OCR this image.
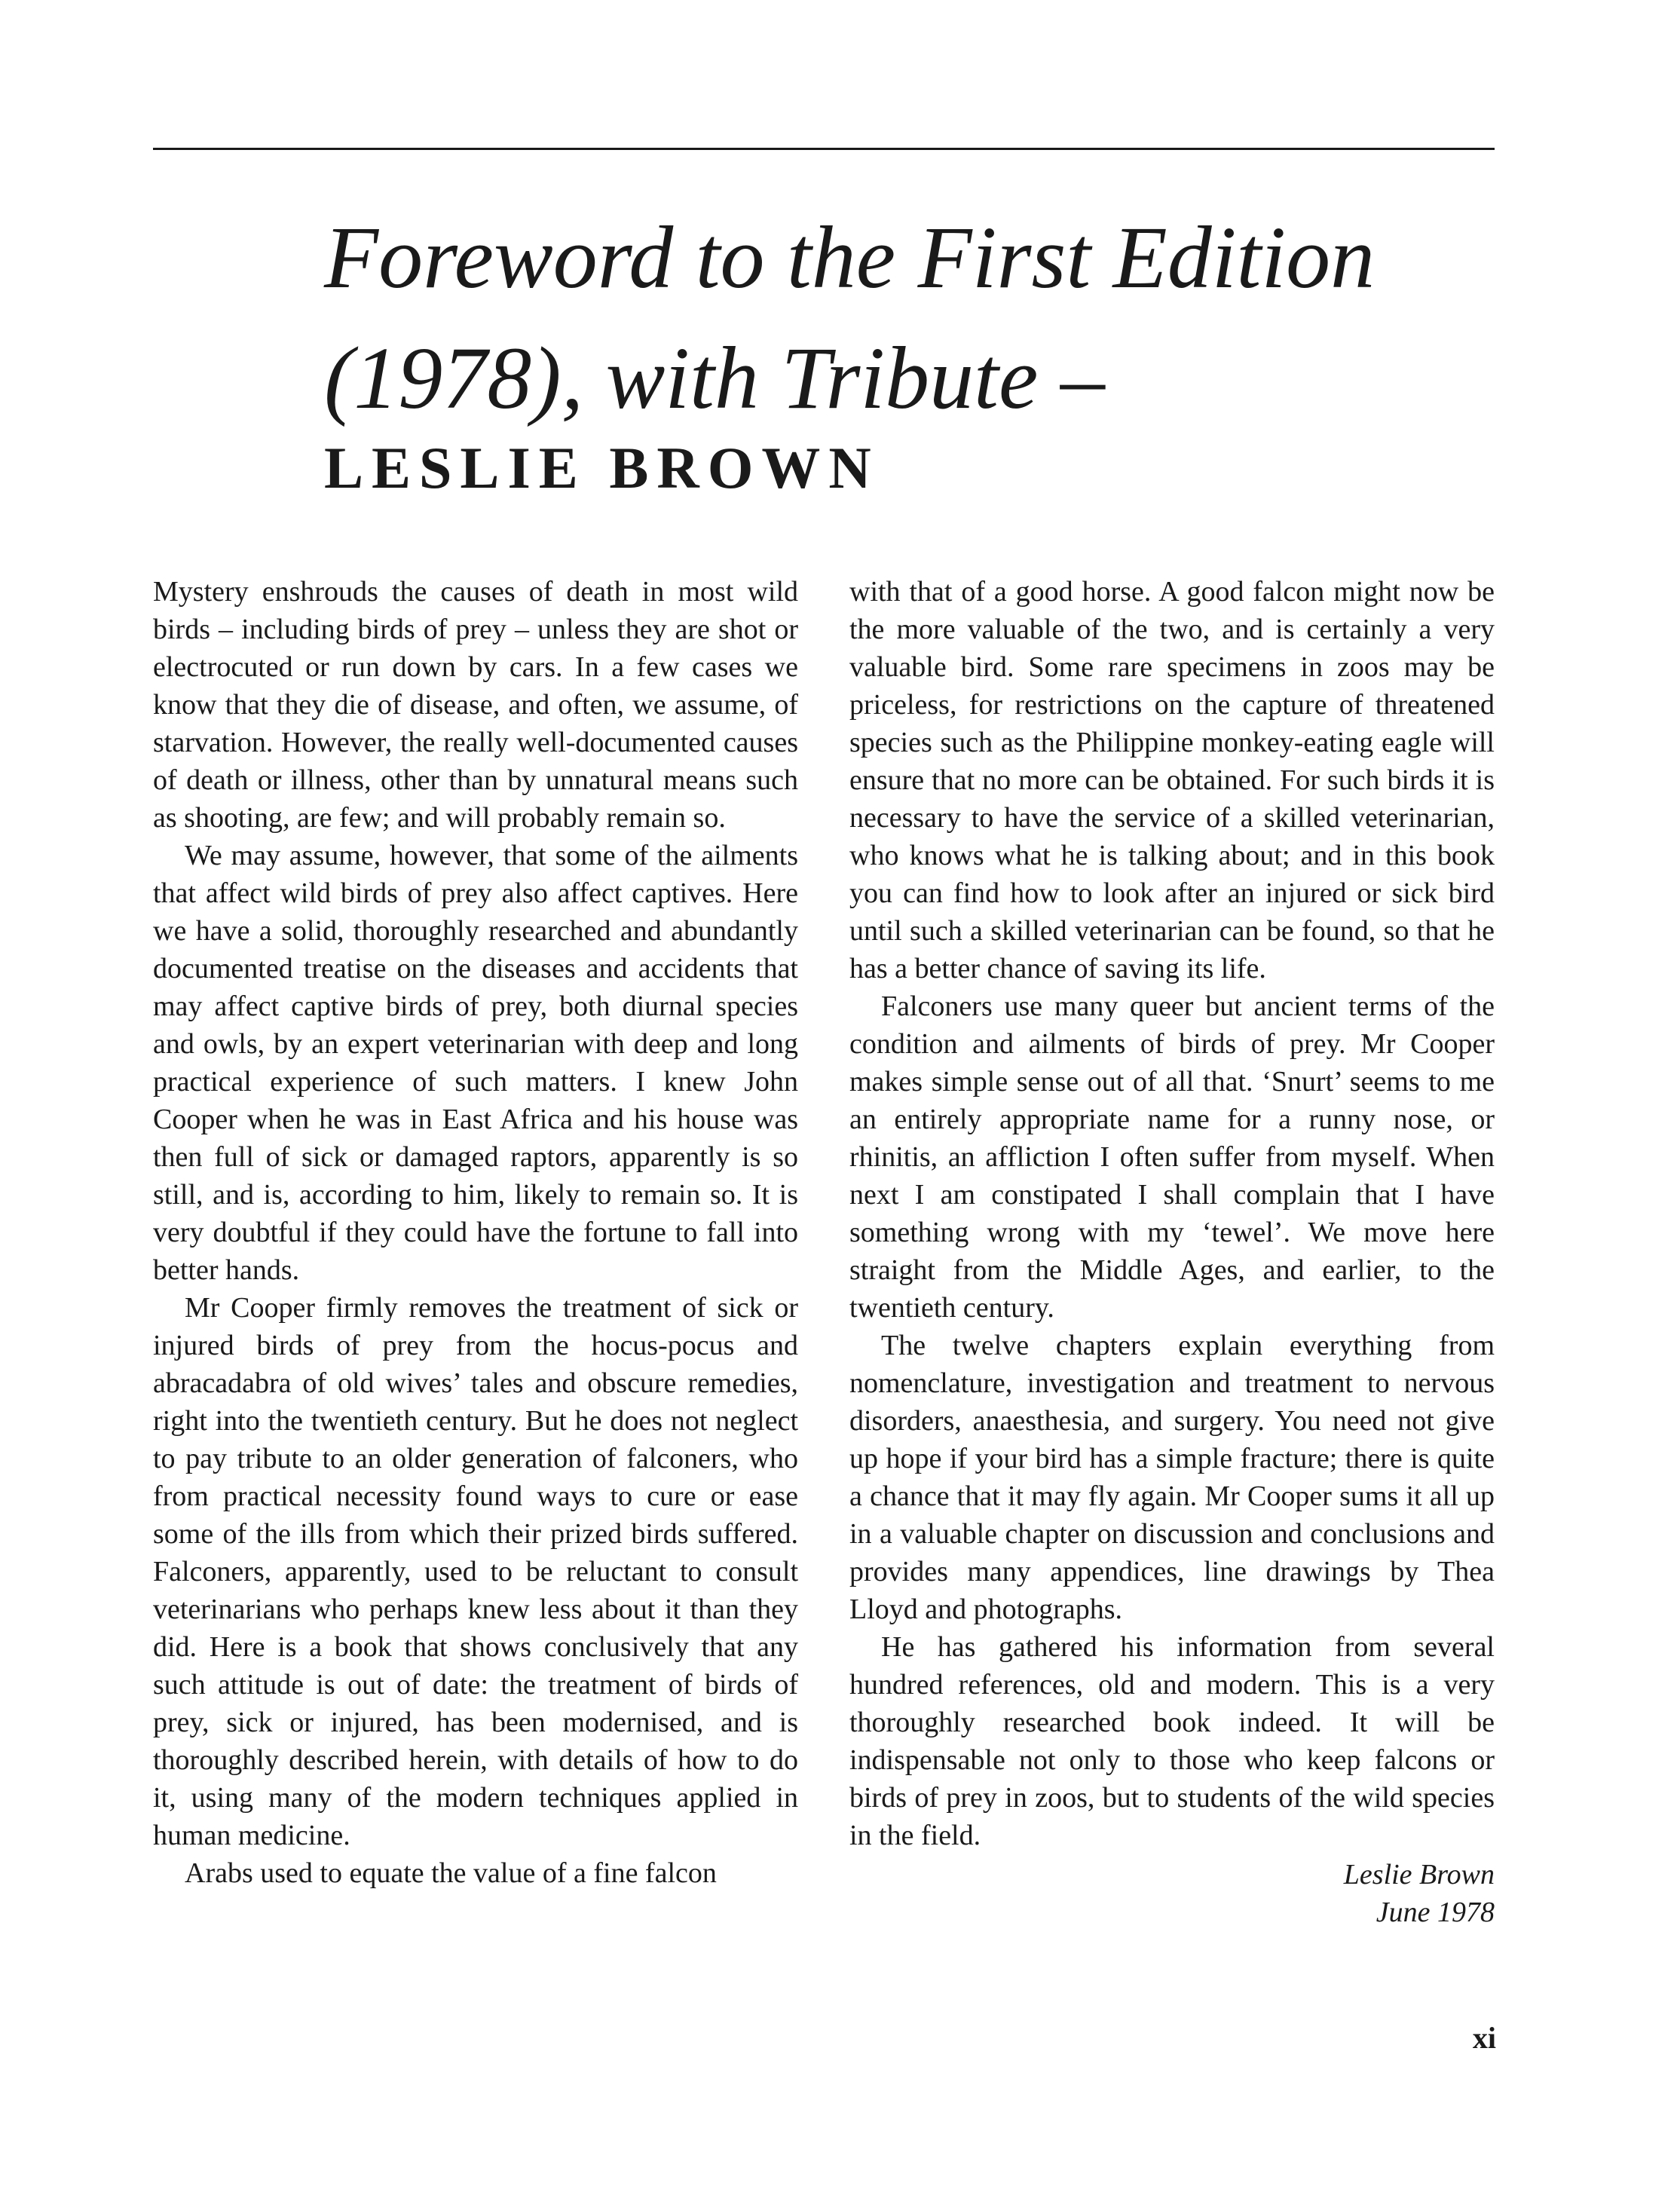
Foreword to the First Edition
(1978), with Tribute –
LESLIE BROWN

Mystery enshrouds the causes of death in most wild birds – including birds of prey – unless they are shot or electrocuted or run down by cars. In a few cases we know that they die of disease, and often, we assume, of starvation. However, the really well-documented causes of death or illness, other than by unnatural means such as shooting, are few; and will probably remain so.

We may assume, however, that some of the ailments that affect wild birds of prey also affect captives. Here we have a solid, thoroughly researched and abundantly documented treatise on the diseases and accidents that may affect captive birds of prey, both diurnal species and owls, by an expert veterinarian with deep and long practical experience of such matters. I knew John Cooper when he was in East Africa and his house was then full of sick or damaged raptors, apparently is so still, and is, according to him, likely to remain so. It is very doubtful if they could have the fortune to fall into better hands.

Mr Cooper firmly removes the treatment of sick or injured birds of prey from the hocus-pocus and abracadabra of old wives’ tales and obscure remedies, right into the twentieth century. But he does not neglect to pay tribute to an older generation of falconers, who from practical necessity found ways to cure or ease some of the ills from which their prized birds suffered. Falconers, apparently, used to be reluctant to consult veterinarians who perhaps knew less about it than they did. Here is a book that shows conclusively that any such attitude is out of date: the treatment of birds of prey, sick or injured, has been modernised, and is thoroughly described herein, with details of how to do it, using many of the modern techniques applied in human medicine.

Arabs used to equate the value of a fine falcon

with that of a good horse. A good falcon might now be the more valuable of the two, and is certainly a very valuable bird. Some rare specimens in zoos may be priceless, for restrictions on the capture of threatened species such as the Philippine monkey-eating eagle will ensure that no more can be obtained. For such birds it is necessary to have the service of a skilled veterinarian, who knows what he is talking about; and in this book you can find how to look after an injured or sick bird until such a skilled veterinarian can be found, so that he has a better chance of saving its life.

Falconers use many queer but ancient terms of the condition and ailments of birds of prey. Mr Cooper makes simple sense out of all that. ‘Snurt’ seems to me an entirely appropriate name for a runny nose, or rhinitis, an affliction I often suffer from myself. When next I am constipated I shall complain that I have something wrong with my ‘tewel’. We move here straight from the Middle Ages, and earlier, to the twentieth century.

The twelve chapters explain everything from nomenclature, investigation and treatment to nervous disorders, anaesthesia, and surgery. You need not give up hope if your bird has a simple fracture; there is quite a chance that it may fly again. Mr Cooper sums it all up in a valuable chapter on discussion and conclusions and provides many appendices, line drawings by Thea Lloyd and photographs.

He has gathered his information from several hundred references, old and modern. This is a very thoroughly researched book indeed. It will be indispensable not only to those who keep falcons or birds of prey in zoos, but to students of the wild species in the field.

Leslie Brown
June 1978

xi
